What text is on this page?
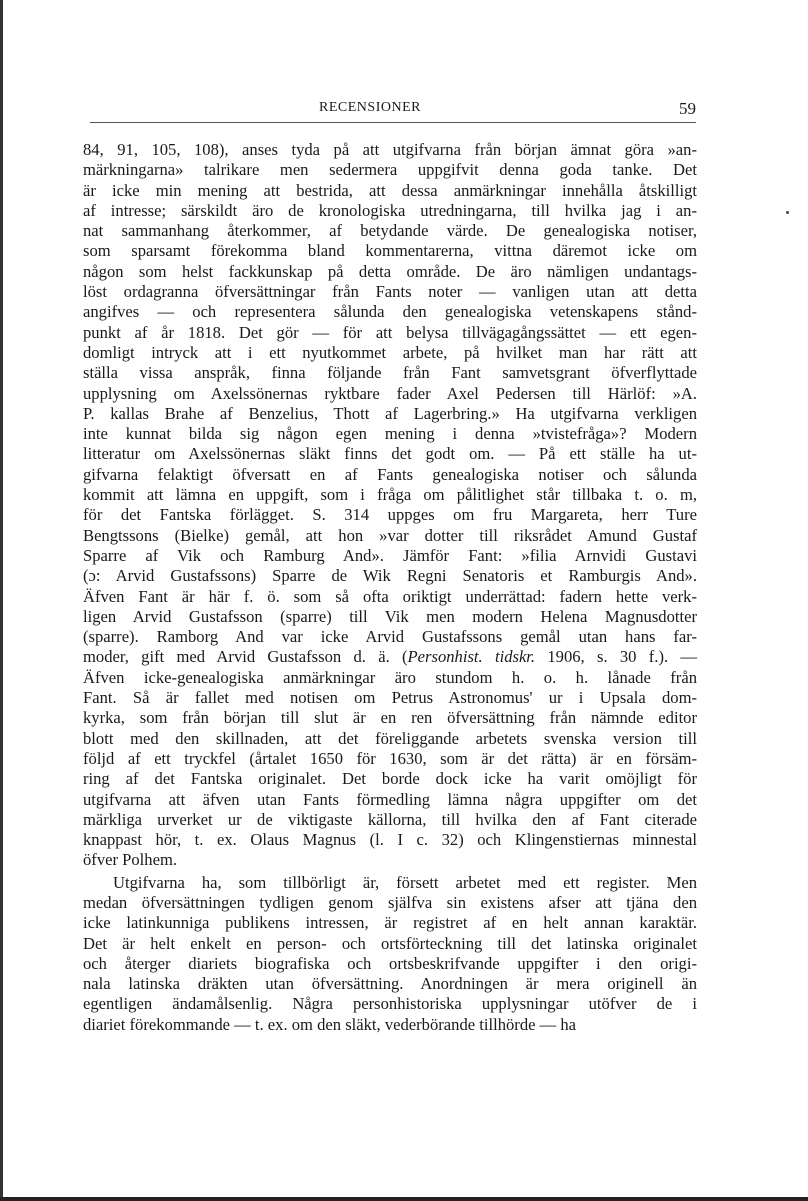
RECENSIONER	59
84, 91, 105, 108), anses tyda på att utgifvarna från början ämnat göra »an-
märkningarna» talrikare men sedermera uppgifvit denna goda tanke. Det
är icke min mening att bestrida, att dessa anmärkningar innehålla åtskilligt
af intresse; särskildt äro de kronologiska utredningarna, till hvilka jag i an-
nat sammanhang återkommer, af betydande värde. De genealogiska notiser,
som sparsamt förekomma bland kommentarerna, vittna däremot icke om
någon som helst fackkunskap på detta område. De äro nämligen undantags-
löst ordagranna öfversättningar från Fants noter — vanligen utan att detta
angifves — och representera sålunda den genealogiska vetenskapens stånd-
punkt af år 1818. Det gör — för att belysa tillvägagångssättet — ett egen-
domligt intryck att i ett nyutkommet arbete, på hvilket man har rätt att
ställa vissa anspråk, finna följande från Fant samvetsgrant öfverflyttade
upplysning om Axelssönernas ryktbare fader Axel Pedersen till Härlöf: »A.
P. kallas Brahe af Benzelius, Thott af Lagerbring.» Ha utgifvarna verkligen
inte kunnat bilda sig någon egen mening i denna »tvistefråga»? Modern
litteratur om Axelssönernas släkt finns det godt om. — På ett ställe ha ut-
gifvarna felaktigt öfversatt en af Fants genealogiska notiser och sålunda
kommit att lämna en uppgift, som i fråga om pålitlighet står tillbaka t. o. m,
för det Fantska förlägget. S. 314 uppges om fru Margareta, herr Ture
Bengtssons (Bielke) gemål, att hon »var dotter till riksrådet Amund Gustaf
Sparre af Vik och Ramburg And». Jämför Fant: »filia Arnvidi Gustavi
(ɔ: Arvid Gustafssons) Sparre de Wik Regni Senatoris et Ramburgis And».
Äfven Fant är här f. ö. som så ofta oriktigt underrättad: fadern hette verk-
ligen Arvid Gustafsson (sparre) till Vik men modern Helena Magnusdotter
(sparre). Ramborg And var icke Arvid Gustafssons gemål utan hans far-
moder, gift med Arvid Gustafsson d. ä. (Personhist. tidskr. 1906, s. 30 f.). —
Äfven icke-genealogiska anmärkningar äro stundom h. o. h. lånade från
Fant. Så är fallet med notisen om Petrus Astronomus' ur i Upsala dom-
kyrka, som från början till slut är en ren öfversättning från nämnde editor
blott med den skillnaden, att det föreliggande arbetets svenska version till
följd af ett tryckfel (årtalet 1650 för 1630, som är det rätta) är en försäm-
ring af det Fantska originalet. Det borde dock icke ha varit omöjligt för
utgifvarna att äfven utan Fants förmedling lämna några uppgifter om det
märkliga urverket ur de viktigaste källorna, till hvilka den af Fant citerade
knappast hör, t. ex. Olaus Magnus (l. I c. 32) och Klingenstiernas minnestal
öfver Polhem.
Utgifvarna ha, som tillbörligt är, försett arbetet med ett register. Men
medan öfversättningen tydligen genom själfva sin existens afser att tjäna den
icke latinkunniga publikens intressen, är registret af en helt annan karaktär.
Det är helt enkelt en person- och ortsförteckning till det latinska originalet
och återger diariets biografiska och ortsbeskrifvande uppgifter i den origi-
nala latinska dräkten utan öfversättning. Anordningen är mera originell än
egentligen ändamålsenlig. Några personhistoriska upplysningar utöfver de i
diariet förekommande — t. ex. om den släkt, vederbörande tillhörde — ha
